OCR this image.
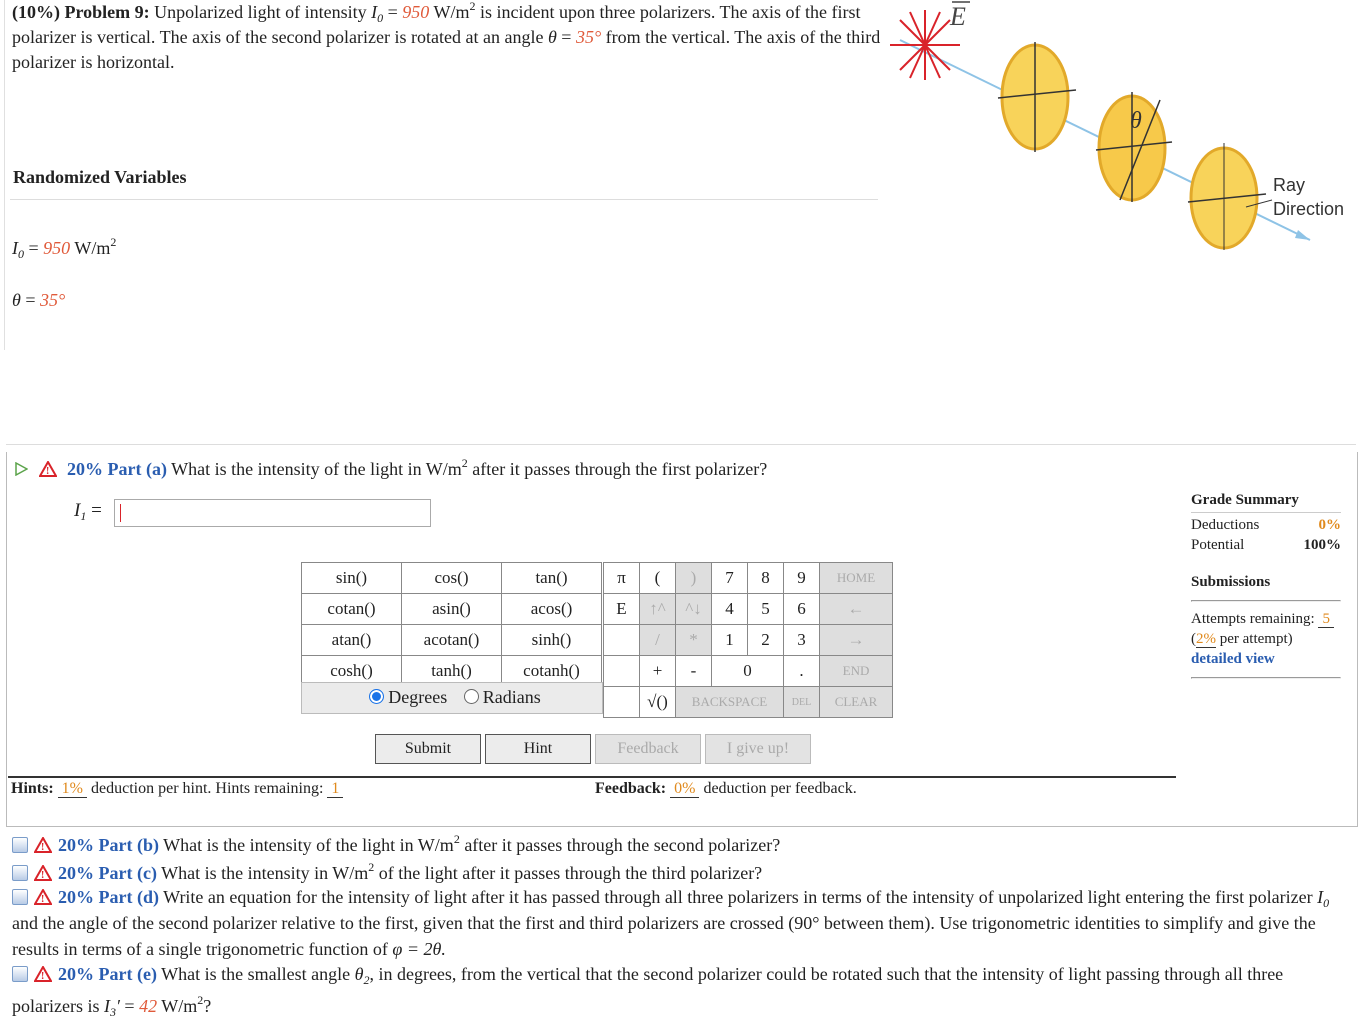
(10%) Problem 9: Unpolarized light of intensity $I_0 = 950$ $W/m^2$ is incident upon three polarizers. The axis of the first polarizer is vertical. The axis of the second polarizer is rotated at an angle θ = 35° from the vertical. The axis of the third polarizer is horizontal.
Randomized Variables
$I_0 = 950$ $W/m^2$
θ = 35°
E
θ
Ray
Direction

! 20% Part (a) What is the intensity of the light in $W/m^2$ after it passes through the first polarizer?
$I_1$ =
sin()	cos()	tan()
cotan()	asin()	acos()
atan()	acotan()	sinh()
cosh()	tanh()	cotanh()
Degrees Radians
π	(	)	7	8	9	HOME
E	↑^	^↓	4	5	6	←
	/	*	1	2	3	→
	+	-	0		.	END
	√()	BACKSPACE			DEL	CLEAR
Submit	Hint	Feedback	I give up!
Hints: 1% deduction per hint. Hints remaining: 1	Feedback: 0% deduction per feedback.
Grade Summary
Deductions	0%
Potential	100%
Submissions
Attempts remaining: 5
(2% per attempt)
detailed view
! 20% Part (b) What is the intensity of the light in $W/m^2$ after it passes through the second polarizer?
! 20% Part (c) What is the intensity in $W/m^2$ of the light after it passes through the third polarizer?
! 20% Part (d) Write an equation for the intensity of light after it has passed through all three polarizers in terms of the intensity of unpolarized light entering the first polarizer $I_0$ and the angle of the second polarizer relative to the first, given that the first and third polarizers are crossed (90° between them). Use trigonometric identities to simplify and give the results in terms of a single trigonometric function of φ = 2θ.
! 20% Part (e) What is the smallest angle $\theta_2$, in degrees, from the vertical that the second polarizer could be rotated such that the intensity of light passing through all three polarizers is $I_3' = 42$ $W/m^2$?
